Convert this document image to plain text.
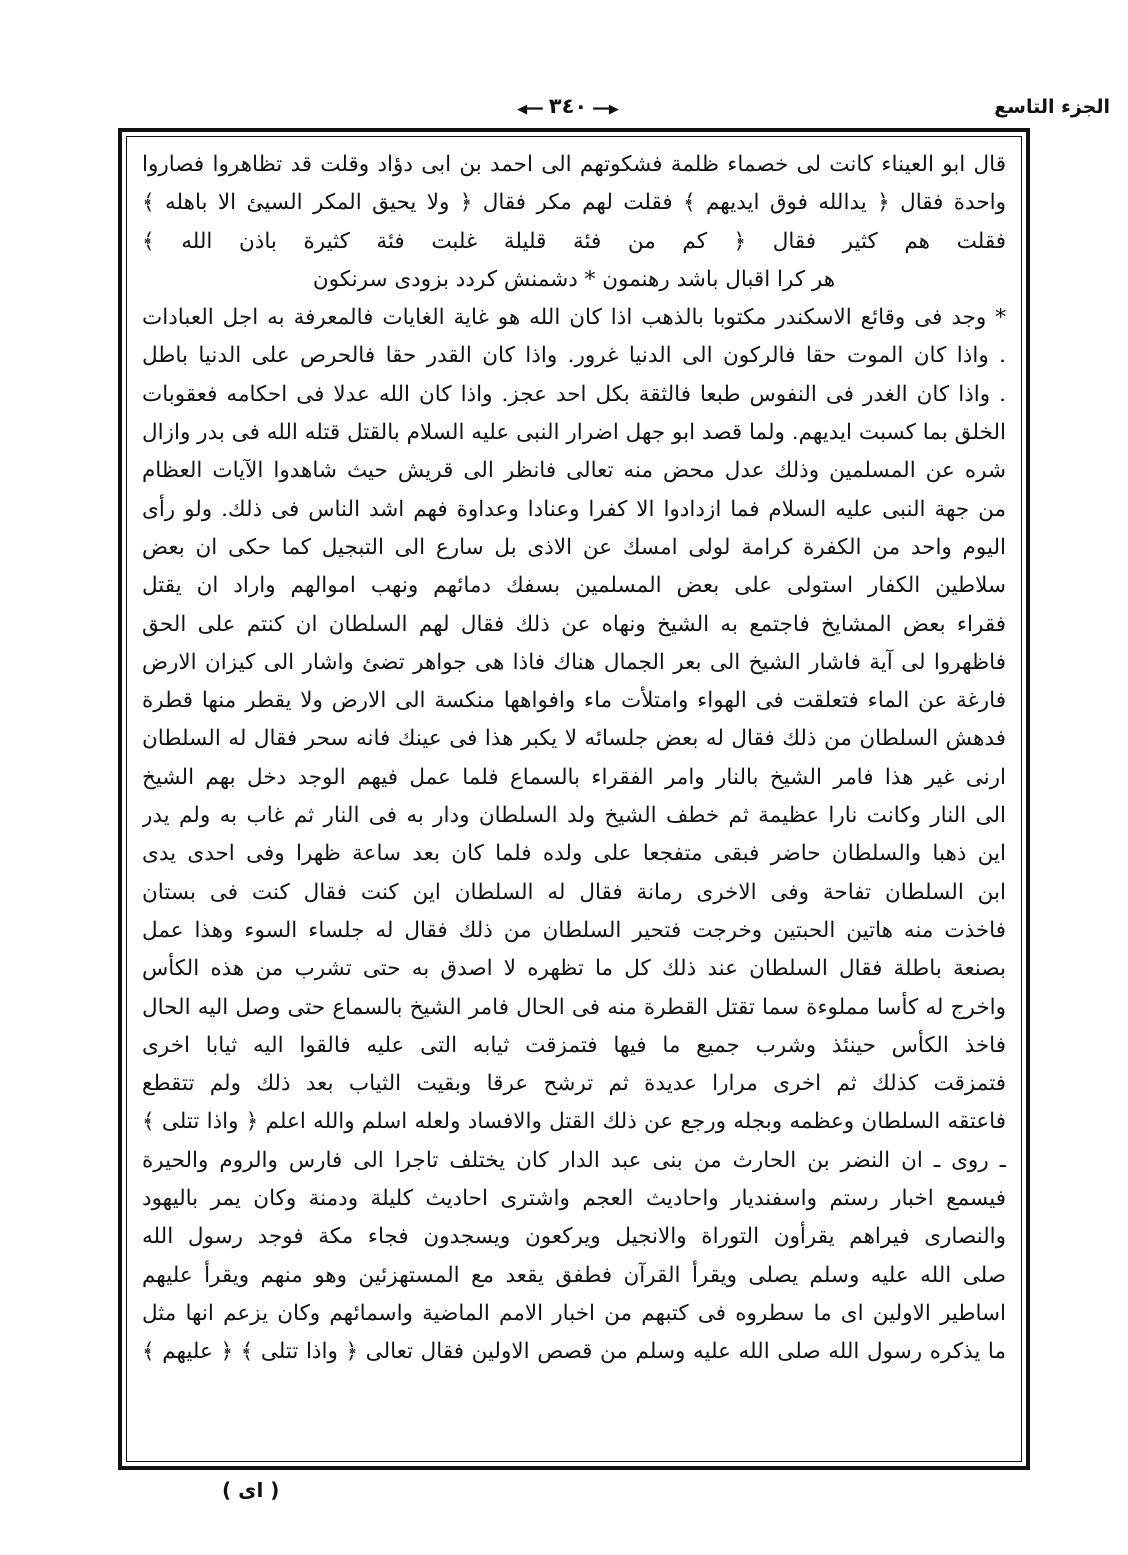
◀━━ ٣٤٠ ━━▶	الجزء التاسع
قال ابو العيناء كانت لى خصماء ظلمة فشكوتهم الى احمد بن ابى دؤاد وقلت قد تظاهروا فصاروا
واحدة فقال ﴿ يدالله فوق ايديهم ﴾ فقلت لهم مكر فقال ﴿ ولا يحيق المكر السيئ الا باهله ﴾
فقلت هم كثير فقال ﴿ كم من فئة قليلة غلبت فئة كثيرة باذن الله ﴾
هر كرا اقبال باشد رهنمون * دشمنش كردد بزودى سرنكون
* وجد فى وقائع الاسكندر مكتوبا بالذهب اذا كان الله هو غاية الغايات فالمعرفة به اجل العبادات
. واذا كان الموت حقا فالركون الى الدنيا غرور. واذا كان القدر حقا فالحرص على الدنيا باطل
. واذا كان الغدر فى النفوس طبعا فالثقة بكل احد عجز. واذا كان الله عدلا فى احكامه فعقوبات
الخلق بما كسبت ايديهم. ولما قصد ابو جهل اضرار النبى عليه السلام بالقتل قتله الله فى بدر وازال
شره عن المسلمين وذلك عدل محض منه تعالى فانظر الى قريش حيث شاهدوا الآيات العظام
من جهة النبى عليه السلام فما ازدادوا الا كفرا وعنادا وعداوة فهم اشد الناس فى ذلك. ولو رأى
اليوم واحد من الكفرة كرامة لولى امسك عن الاذى بل سارع الى التبجيل كما حكى ان بعض
سلاطين الكفار استولى على بعض المسلمين بسفك دمائهم ونهب اموالهم واراد ان يقتل
فقراء بعض المشايخ فاجتمع به الشيخ ونهاه عن ذلك فقال لهم السلطان ان كنتم على الحق
فاظهروا لى آية فاشار الشيخ الى بعر الجمال هناك فاذا هى جواهر تضئ واشار الى كيزان الارض
فارغة عن الماء فتعلقت فى الهواء وامتلأت ماء وافواهها منكسة الى الارض ولا يقطر منها قطرة
فدهش السلطان من ذلك فقال له بعض جلسائه لا يكبر هذا فى عينك فانه سحر فقال له السلطان
ارنى غير هذا فامر الشيخ بالنار وامر الفقراء بالسماع فلما عمل فيهم الوجد دخل بهم الشيخ
الى النار وكانت نارا عظيمة ثم خطف الشيخ ولد السلطان ودار به فى النار ثم غاب به ولم يدر
اين ذهبا والسلطان حاضر فبقى متفجعا على ولده فلما كان بعد ساعة ظهرا وفى احدى يدى
ابن السلطان تفاحة وفى الاخرى رمانة فقال له السلطان اين كنت فقال كنت فى بستان
فاخذت منه هاتين الحبتين وخرجت فتحير السلطان من ذلك فقال له جلساء السوء وهذا عمل
بصنعة باطلة فقال السلطان عند ذلك كل ما تظهره لا اصدق به حتى تشرب من هذه الكأس
واخرج له كأسا مملوءة سما تقتل القطرة منه فى الحال فامر الشيخ بالسماع حتى وصل اليه الحال
فاخذ الكأس حينئذ وشرب جميع ما فيها فتمزقت ثيابه التى عليه فالقوا اليه ثيابا اخرى
فتمزقت كذلك ثم اخرى مرارا عديدة ثم ترشح عرقا وبقيت الثياب بعد ذلك ولم تتقطع
فاعتقه السلطان وعظمه وبجله ورجع عن ذلك القتل والافساد ولعله اسلم والله اعلم ﴿ واذا تتلى ﴾
ـ روى ـ ان النضر بن الحارث من بنى عبد الدار كان يختلف تاجرا الى فارس والروم والحيرة
فيسمع اخبار رستم واسفنديار واحاديث العجم واشترى احاديث كليلة ودمنة وكان يمر باليهود
والنصارى فيراهم يقرأون التوراة والانجيل ويركعون ويسجدون فجاء مكة فوجد رسول الله
صلى الله عليه وسلم يصلى ويقرأ القرآن فطفق يقعد مع المستهزئين وهو منهم ويقرأ عليهم
اساطير الاولين اى ما سطروه فى كتبهم من اخبار الامم الماضية واسمائهم وكان يزعم انها مثل
ما يذكره رسول الله صلى الله عليه وسلم من قصص الاولين فقال تعالى ﴿ واذا تتلى ﴾ ﴿ عليهم ﴾
( اى )
